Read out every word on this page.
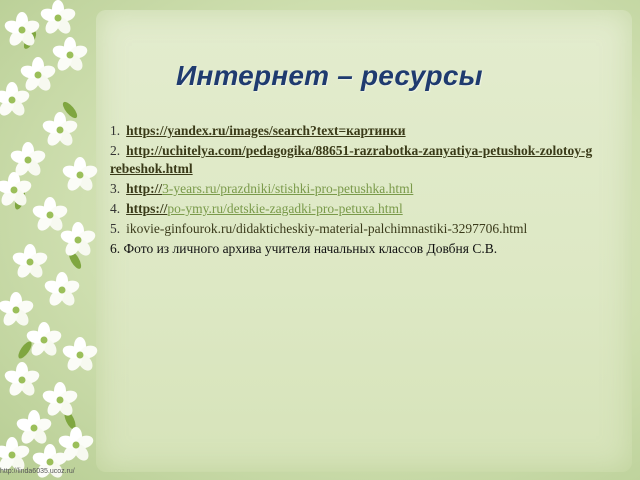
Интернет – ресурсы
1. https://yandex.ru/images/search?text=картинки
2. http://uchitelya.com/pedagogika/88651-razrabotka-zanyatiya-petushok-zolotoy-grebeshok.html
3. http://3-years.ru/prazdniki/stishki-pro-petushka.html
4. https://po-ymy.ru/detskie-zagadki-pro-petuxa.html
5. ikovie-ginfourok.ru/didakticheskiy-material-palchimnastiki-3297706.html
6. Фото из личного архива учителя начальных классов Довбня С.В.
http://linda6035.ucoz.ru/
